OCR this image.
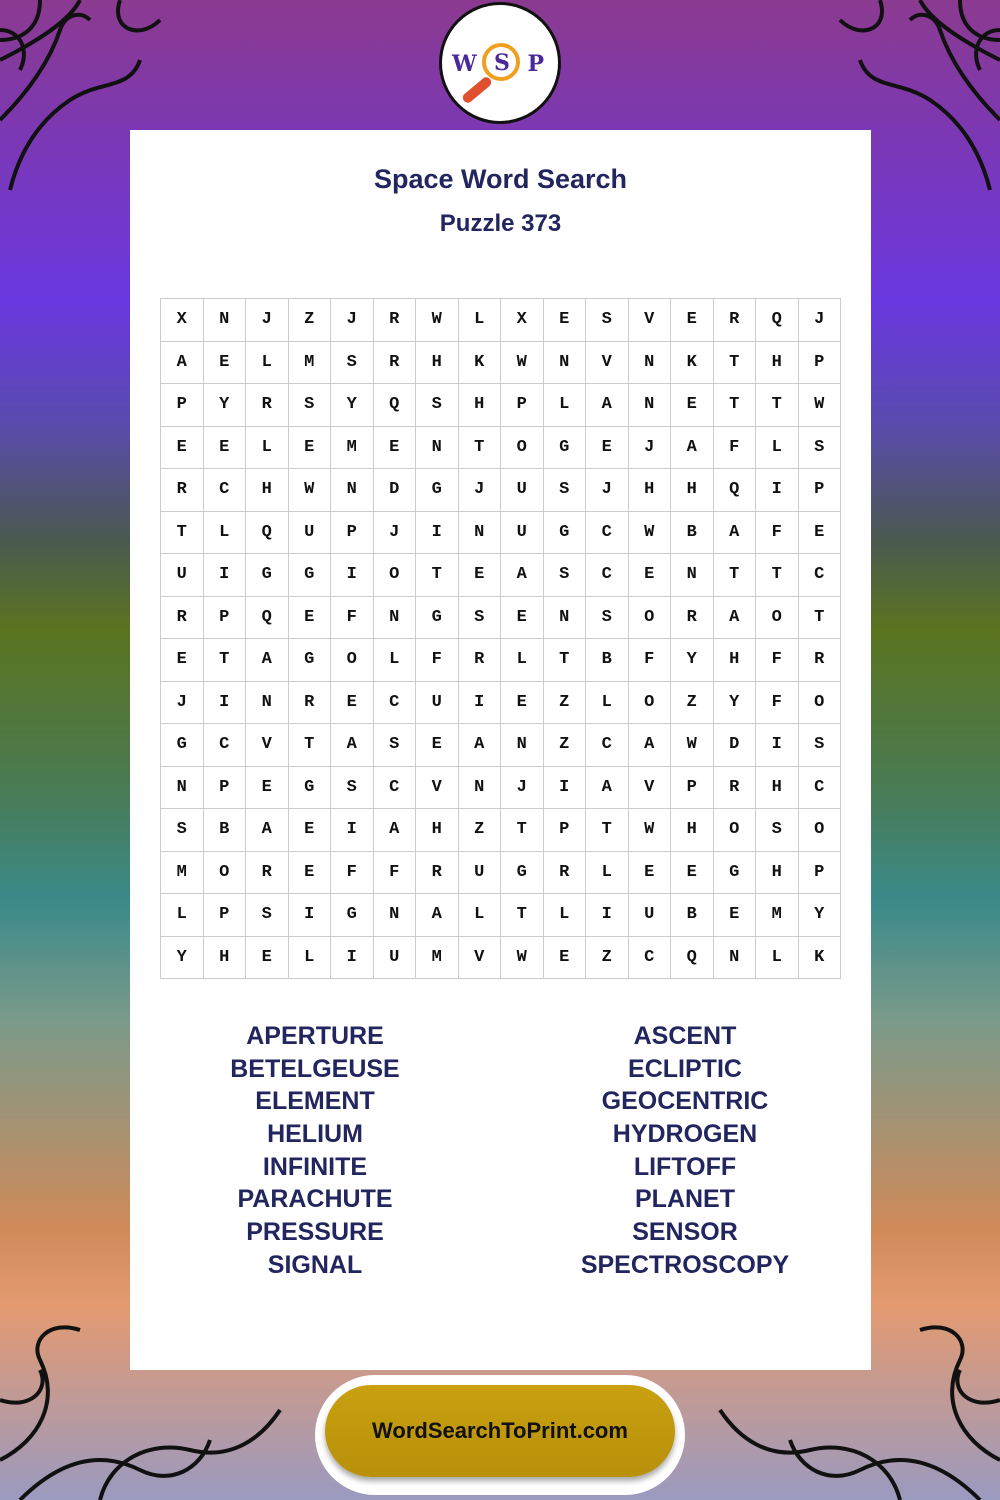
W S P
Space Word Search
Puzzle 373
X	N	J	Z	J	R	W	L	X	E	S	V	E	R	Q	J
A	E	L	M	S	R	H	K	W	N	V	N	K	T	H	P
P	Y	R	S	Y	Q	S	H	P	L	A	N	E	T	T	W
E	E	L	E	M	E	N	T	O	G	E	J	A	F	L	S
R	C	H	W	N	D	G	J	U	S	J	H	H	Q	I	P
T	L	Q	U	P	J	I	N	U	G	C	W	B	A	F	E
U	I	G	G	I	O	T	E	A	S	C	E	N	T	T	C
R	P	Q	E	F	N	G	S	E	N	S	O	R	A	O	T
E	T	A	G	O	L	F	R	L	T	B	F	Y	H	F	R
J	I	N	R	E	C	U	I	E	Z	L	O	Z	Y	F	O
G	C	V	T	A	S	E	A	N	Z	C	A	W	D	I	S
N	P	E	G	S	C	V	N	J	I	A	V	P	R	H	C
S	B	A	E	I	A	H	Z	T	P	T	W	H	O	S	O
M	O	R	E	F	F	R	U	G	R	L	E	E	G	H	P
L	P	S	I	G	N	A	L	T	L	I	U	B	E	M	Y
Y	H	E	L	I	U	M	V	W	E	Z	C	Q	N	L	K
APERTURE
BETELGEUSE
ELEMENT
HELIUM
INFINITE
PARACHUTE
PRESSURE
SIGNAL
ASCENT
ECLIPTIC
GEOCENTRIC
HYDROGEN
LIFTOFF
PLANET
SENSOR
SPECTROSCOPY
WordSearchToPrint.com
